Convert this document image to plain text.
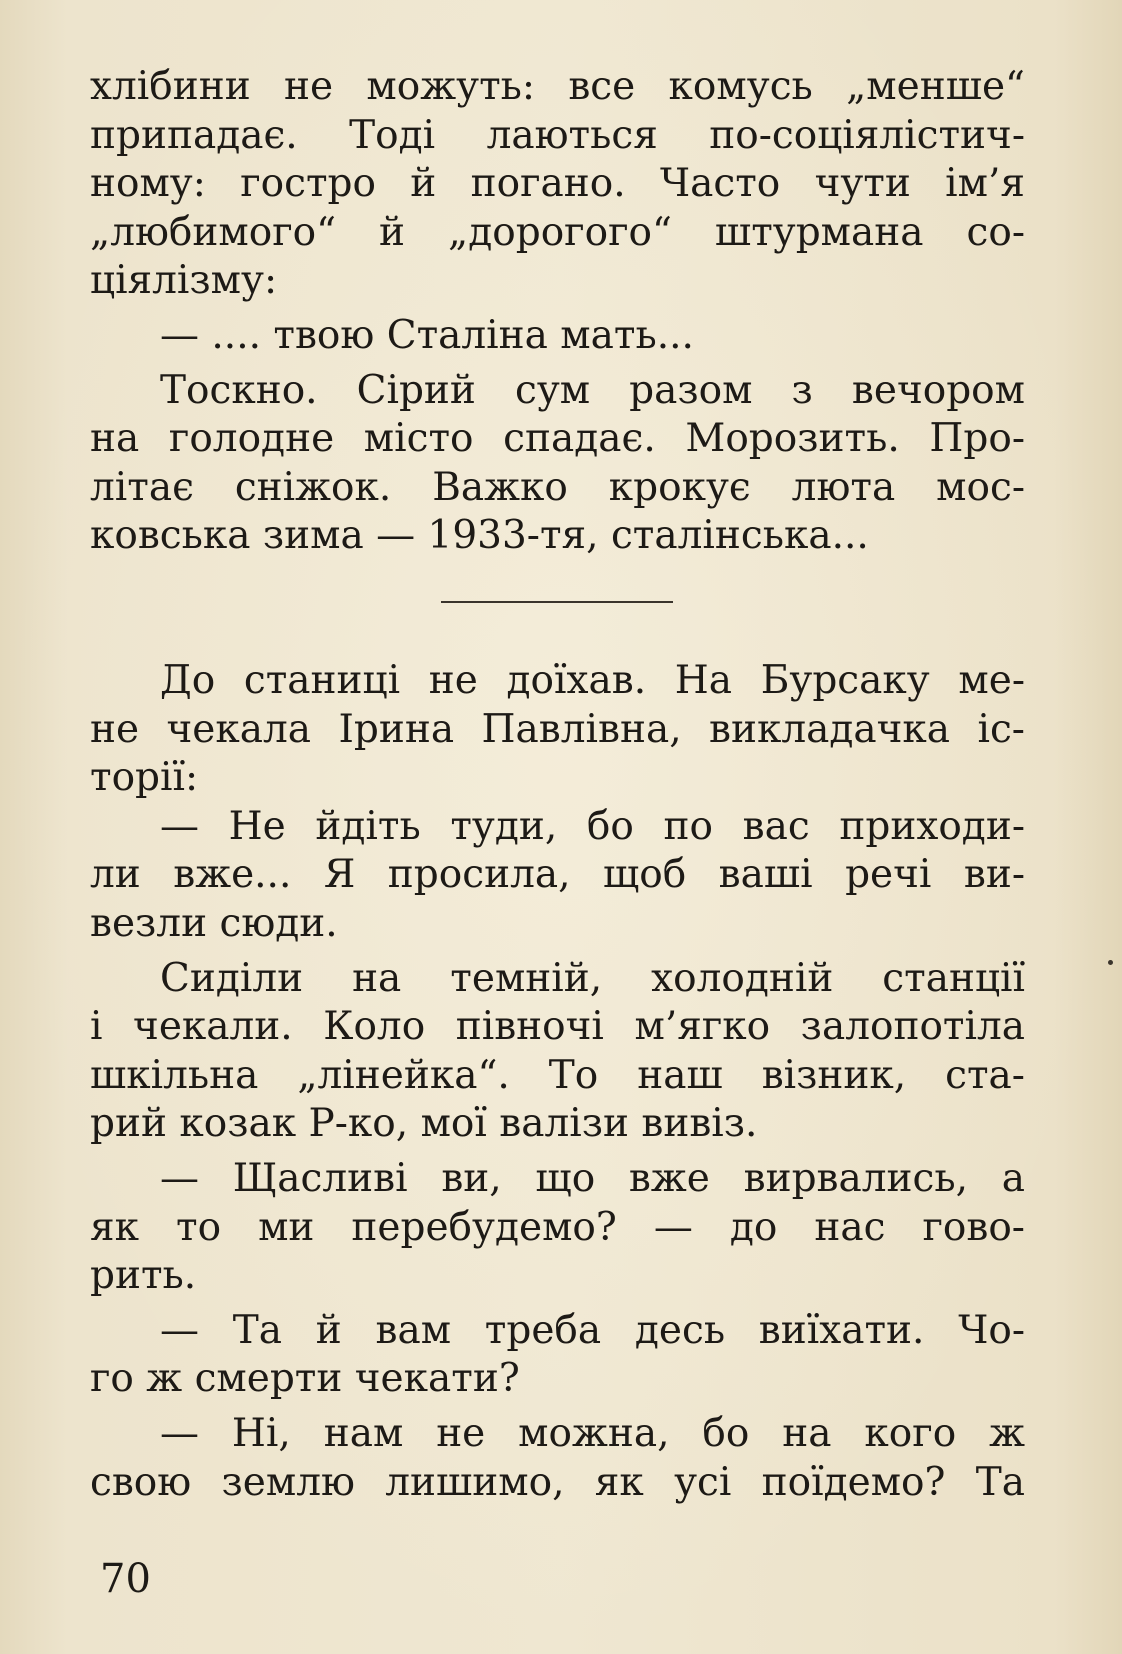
хлібини не можуть: все комусь „менше“
припадає. Тоді лаються по-соціялістич-
ному: гостро й погано. Часто чути ім’я
„любимого“ й „дорогого“ штурмана со-
ціялізму:
— .... твою Сталіна мать...
Тоскно. Сірий сум разом з вечором
на голодне місто спадає. Морозить. Про-
літає сніжок. Важко крокує люта мос-
ковська зима — 1933-тя, сталінська...
До станиці не доїхав. На Бурсаку ме-
не чекала Ірина Павлівна, викладачка іс-
торії:
— Не йдіть туди, бо по вас приходи-
ли вже... Я просила, щоб ваші речі ви-
везли сюди.
Сиділи на темній, холодній станції
і чекали. Коло півночі м’ягко залопотіла
шкільна „лінейка“. То наш візник, ста-
рий козак Р-ко, мої валізи вивіз.
— Щасливі ви, що вже вирвались, а
як то ми перебудемо? — до нас гово-
рить.
— Та й вам треба десь виїхати. Чо-
го ж смерти чекати?
— Ні, нам не можна, бо на кого ж
свою землю лишимо, як усі поїдемо? Та
70
